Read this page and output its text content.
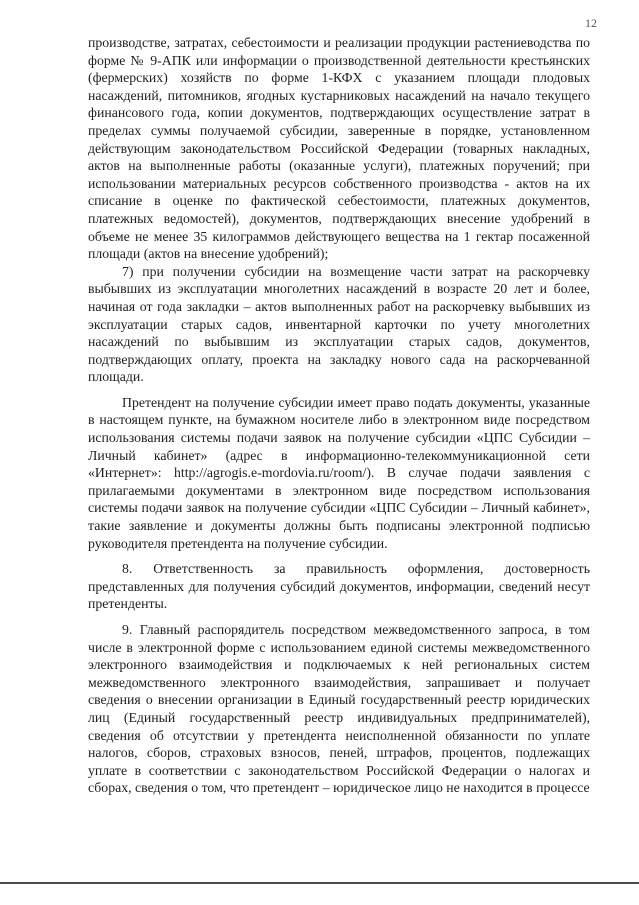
12

производстве, затратах, себестоимости и реализации продукции растениеводства по форме № 9-АПК или информации о производственной деятельности крестьянских (фермерских) хозяйств по форме 1-КФХ с указанием площади плодовых насаждений, питомников, ягодных кустарниковых насаждений на начало текущего финансового года, копии документов, подтверждающих осуществление затрат в пределах суммы получаемой субсидии, заверенные в порядке, установленном действующим законодательством Российской Федерации (товарных накладных, актов на выполненные работы (оказанные услуги), платежных поручений; при использовании материальных ресурсов собственного производства - актов на их списание в оценке по фактической себестоимости, платежных документов, платежных ведомостей), документов, подтверждающих внесение удобрений в объеме не менее 35 килограммов действующего вещества на 1 гектар посаженной площади (актов на внесение удобрений);

7) при получении субсидии на возмещение части затрат на раскорчевку выбывших из эксплуатации многолетних насаждений в возрасте 20 лет и более, начиная от года закладки – актов выполненных работ на раскорчевку выбывших из эксплуатации старых садов, инвентарной карточки по учету многолетних насаждений по выбывшим из эксплуатации старых садов, документов, подтверждающих оплату, проекта на закладку нового сада на раскорчеванной площади.

Претендент на получение субсидии имеет право подать документы, указанные в настоящем пункте, на бумажном носителе либо в электронном виде посредством использования системы подачи заявок на получение субсидии «ЦПС Субсидии – Личный кабинет» (адрес в информационно-телекоммуникационной сети «Интернет»: http://agrogis.e-mordovia.ru/room/). В случае подачи заявления с прилагаемыми документами в электронном виде посредством использования системы подачи заявок на получение субсидии «ЦПС Субсидии – Личный кабинет», такие заявление и документы должны быть подписаны электронной подписью руководителя претендента на получение субсидии.

8. Ответственность за правильность оформления, достоверность представленных для получения субсидий документов, информации, сведений несут претенденты.

9. Главный распорядитель посредством межведомственного запроса, в том числе в электронной форме с использованием единой системы межведомственного электронного взаимодействия и подключаемых к ней региональных систем межведомственного электронного взаимодействия, запрашивает и получает сведения о внесении организации в Единый государственный реестр юридических лиц (Единый государственный реестр индивидуальных предпринимателей), сведения об отсутствии у претендента неисполненной обязанности по уплате налогов, сборов, страховых взносов, пеней, штрафов, процентов, подлежащих уплате в соответствии с законодательством Российской Федерации о налогах и сборах, сведения о том, что претендент – юридическое лицо не находится в процессе
